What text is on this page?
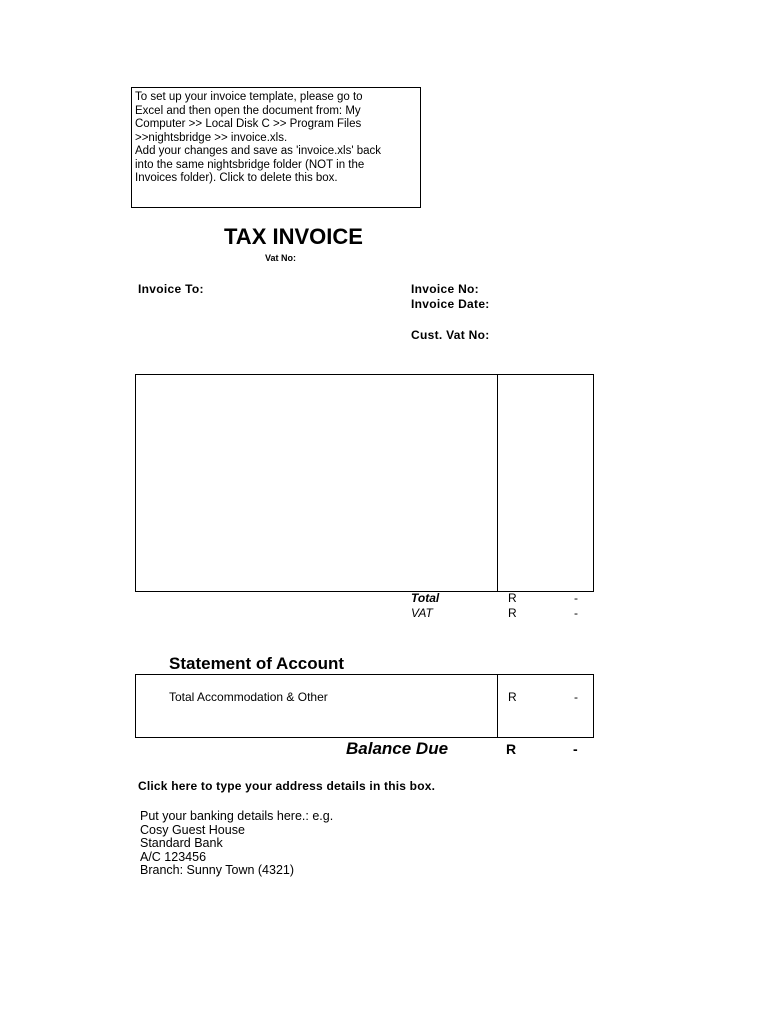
To set up your invoice template, please go to
Excel and then open the document from: My
Computer >> Local Disk C >> Program Files
>>nightsbridge >> invoice.xls.
Add your changes and save as 'invoice.xls' back
into the same nightsbridge folder (NOT in the
Invoices folder). Click to delete this box.
TAX INVOICE
Vat No:
Invoice To:	Invoice No:
Invoice Date:
Cust. Vat No:
Total	R	-
VAT	R	-
Statement of Account
Total Accommodation & Other	R	-
Balance Due	R	-
Click here to type your address details in this box.
Put your banking details here.: e.g.
Cosy Guest House
Standard Bank
A/C 123456
Branch: Sunny Town (4321)
